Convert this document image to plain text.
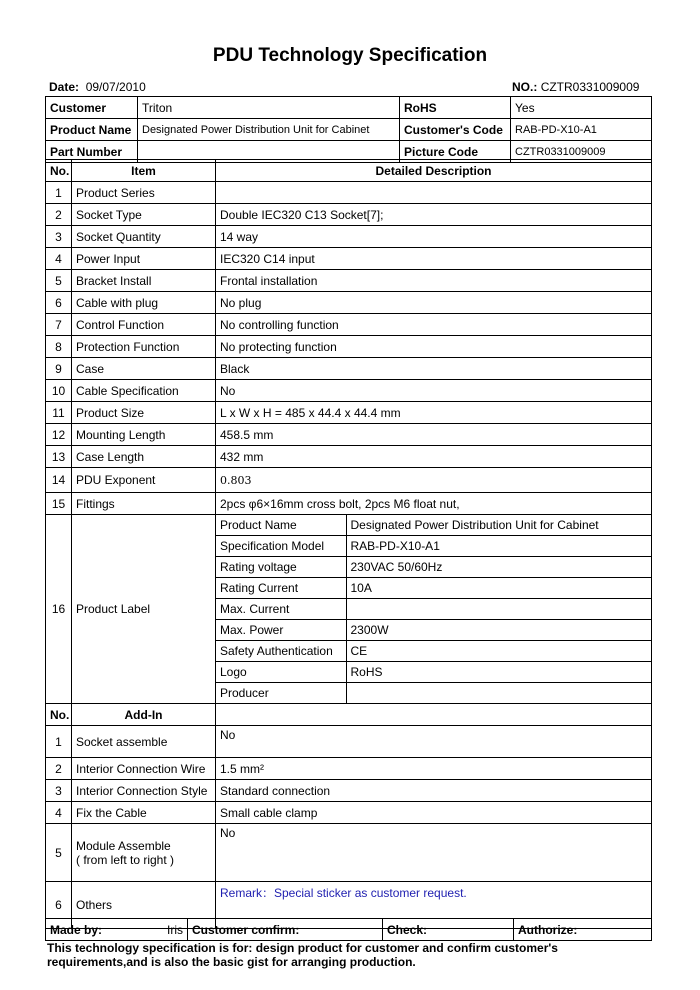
PDU Technology Specification
Date: 09/07/2010	NO.: CZTR0331009009
Customer	Triton	RoHS	Yes
Product Name	Designated Power Distribution Unit for Cabinet	Customer's Code	RAB-PD-X10-A1
Part Number		Picture Code	CZTR0331009009
No.	Item	Detailed Description
1	Product Series	
2	Socket Type	Double IEC320 C13 Socket[7];
3	Socket Quantity	14 way
4	Power Input	IEC320 C14 input
5	Bracket Install	Frontal installation
6	Cable with plug	No plug
7	Control Function	No controlling function
8	Protection Function	No protecting function
9	Case	Black
10	Cable Specification	No
11	Product Size	L x W x H = 485 x 44.4 x 44.4 mm
12	Mounting Length	458.5 mm
13	Case Length	432 mm
14	PDU Exponent	0.803
15	Fittings	2pcs φ6×16mm cross bolt, 2pcs M6 float nut,
16	Product Label	
Product Name	Designated Power Distribution Unit for Cabinet
Specification Model	RAB-PD-X10-A1
Rating voltage	230VAC 50/60Hz
Rating Current	10A
Max. Current	
Max. Power	2300W
Safety Authentication	CE
Logo	RoHS
Producer	

No.	Add-In	
1	Socket assemble	No
2	Interior Connection Wire	1.5 mm²
3	Interior Connection Style	Standard connection
4	Fix the Cable	Small cable clamp
5	Module Assemble
( from left to right )
	No
6	Others	Remark：Special sticker as customer request.
Made by:	Iris	Customer confirm:	Check:	Authorize:
This technology specification is for: design product for customer and confirm customer's requirements,and is also the basic gist for arranging production.
